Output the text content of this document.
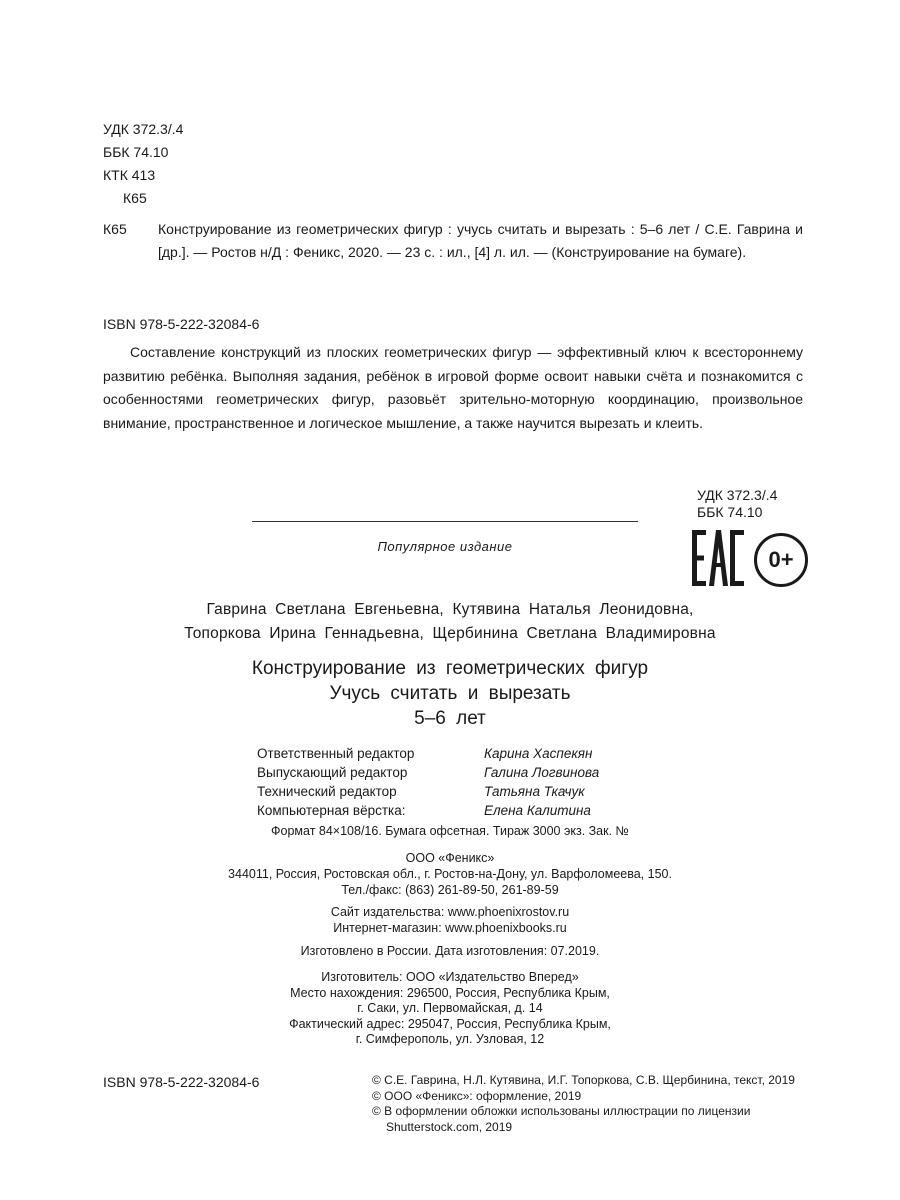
УДК 372.3/.4
ББК 74.10
КТК 413
К65
К65 Конструирование из геометрических фигур : учусь считать и вырезать : 5–6 лет / С.Е. Гаврина и [др.]. — Ростов н/Д : Феникс, 2020. — 23 с. : ил., [4] л. ил. — (Конструирование на бумаге).
ISBN 978-5-222-32084-6
Составление конструкций из плоских геометрических фигур — эффективный ключ к всестороннему развитию ребёнка. Выполняя задания, ребёнок в игровой форме освоит навыки счёта и познакомится с особенностями геометрических фигур, разовьёт зрительно-моторную координацию, произвольное внимание, пространственное и логическое мышление, а также научится вырезать и клеить.
УДК 372.3/.4
ББК 74.10
Популярное издание
0+
Гаврина Светлана Евгеньевна, Кутявина Наталья Леонидовна,
Топоркова Ирина Геннадьевна, Щербинина Светлана Владимировна
Конструирование из геометрических фигур
Учусь считать и вырезать
5–6 лет
Ответственный редактор	Карина Хаспекян
Выпускающий редактор	Галина Логвинова
Технический редактор	Татьяна Ткачук
Компьютерная вёрстка:	Елена Калитина
Формат 84×108/16. Бумага офсетная. Тираж 3000 экз. Зак. №
ООО «Феникс»
344011, Россия, Ростовская обл., г. Ростов-на-Дону, ул. Варфоломеева, 150.
Тел./факс: (863) 261-89-50, 261-89-59
Сайт издательства: www.phoenixrostov.ru
Интернет-магазин: www.phoenixbooks.ru
Изготовлено в России. Дата изготовления: 07.2019.
Изготовитель: ООО «Издательство Вперед»
Место нахождения: 296500, Россия, Республика Крым,
г. Саки, ул. Первомайская, д. 14
Фактический адрес: 295047, Россия, Республика Крым,
г. Симферополь, ул. Узловая, 12
ISBN 978-5-222-32084-6	© С.Е. Гаврина, Н.Л. Кутявина, И.Г. Топоркова, С.В. Щербинина, текст, 2019
© ООО «Феникс»: оформление, 2019
© В оформлении обложки использованы иллюстрации по лицензии
Shutterstock.com, 2019
